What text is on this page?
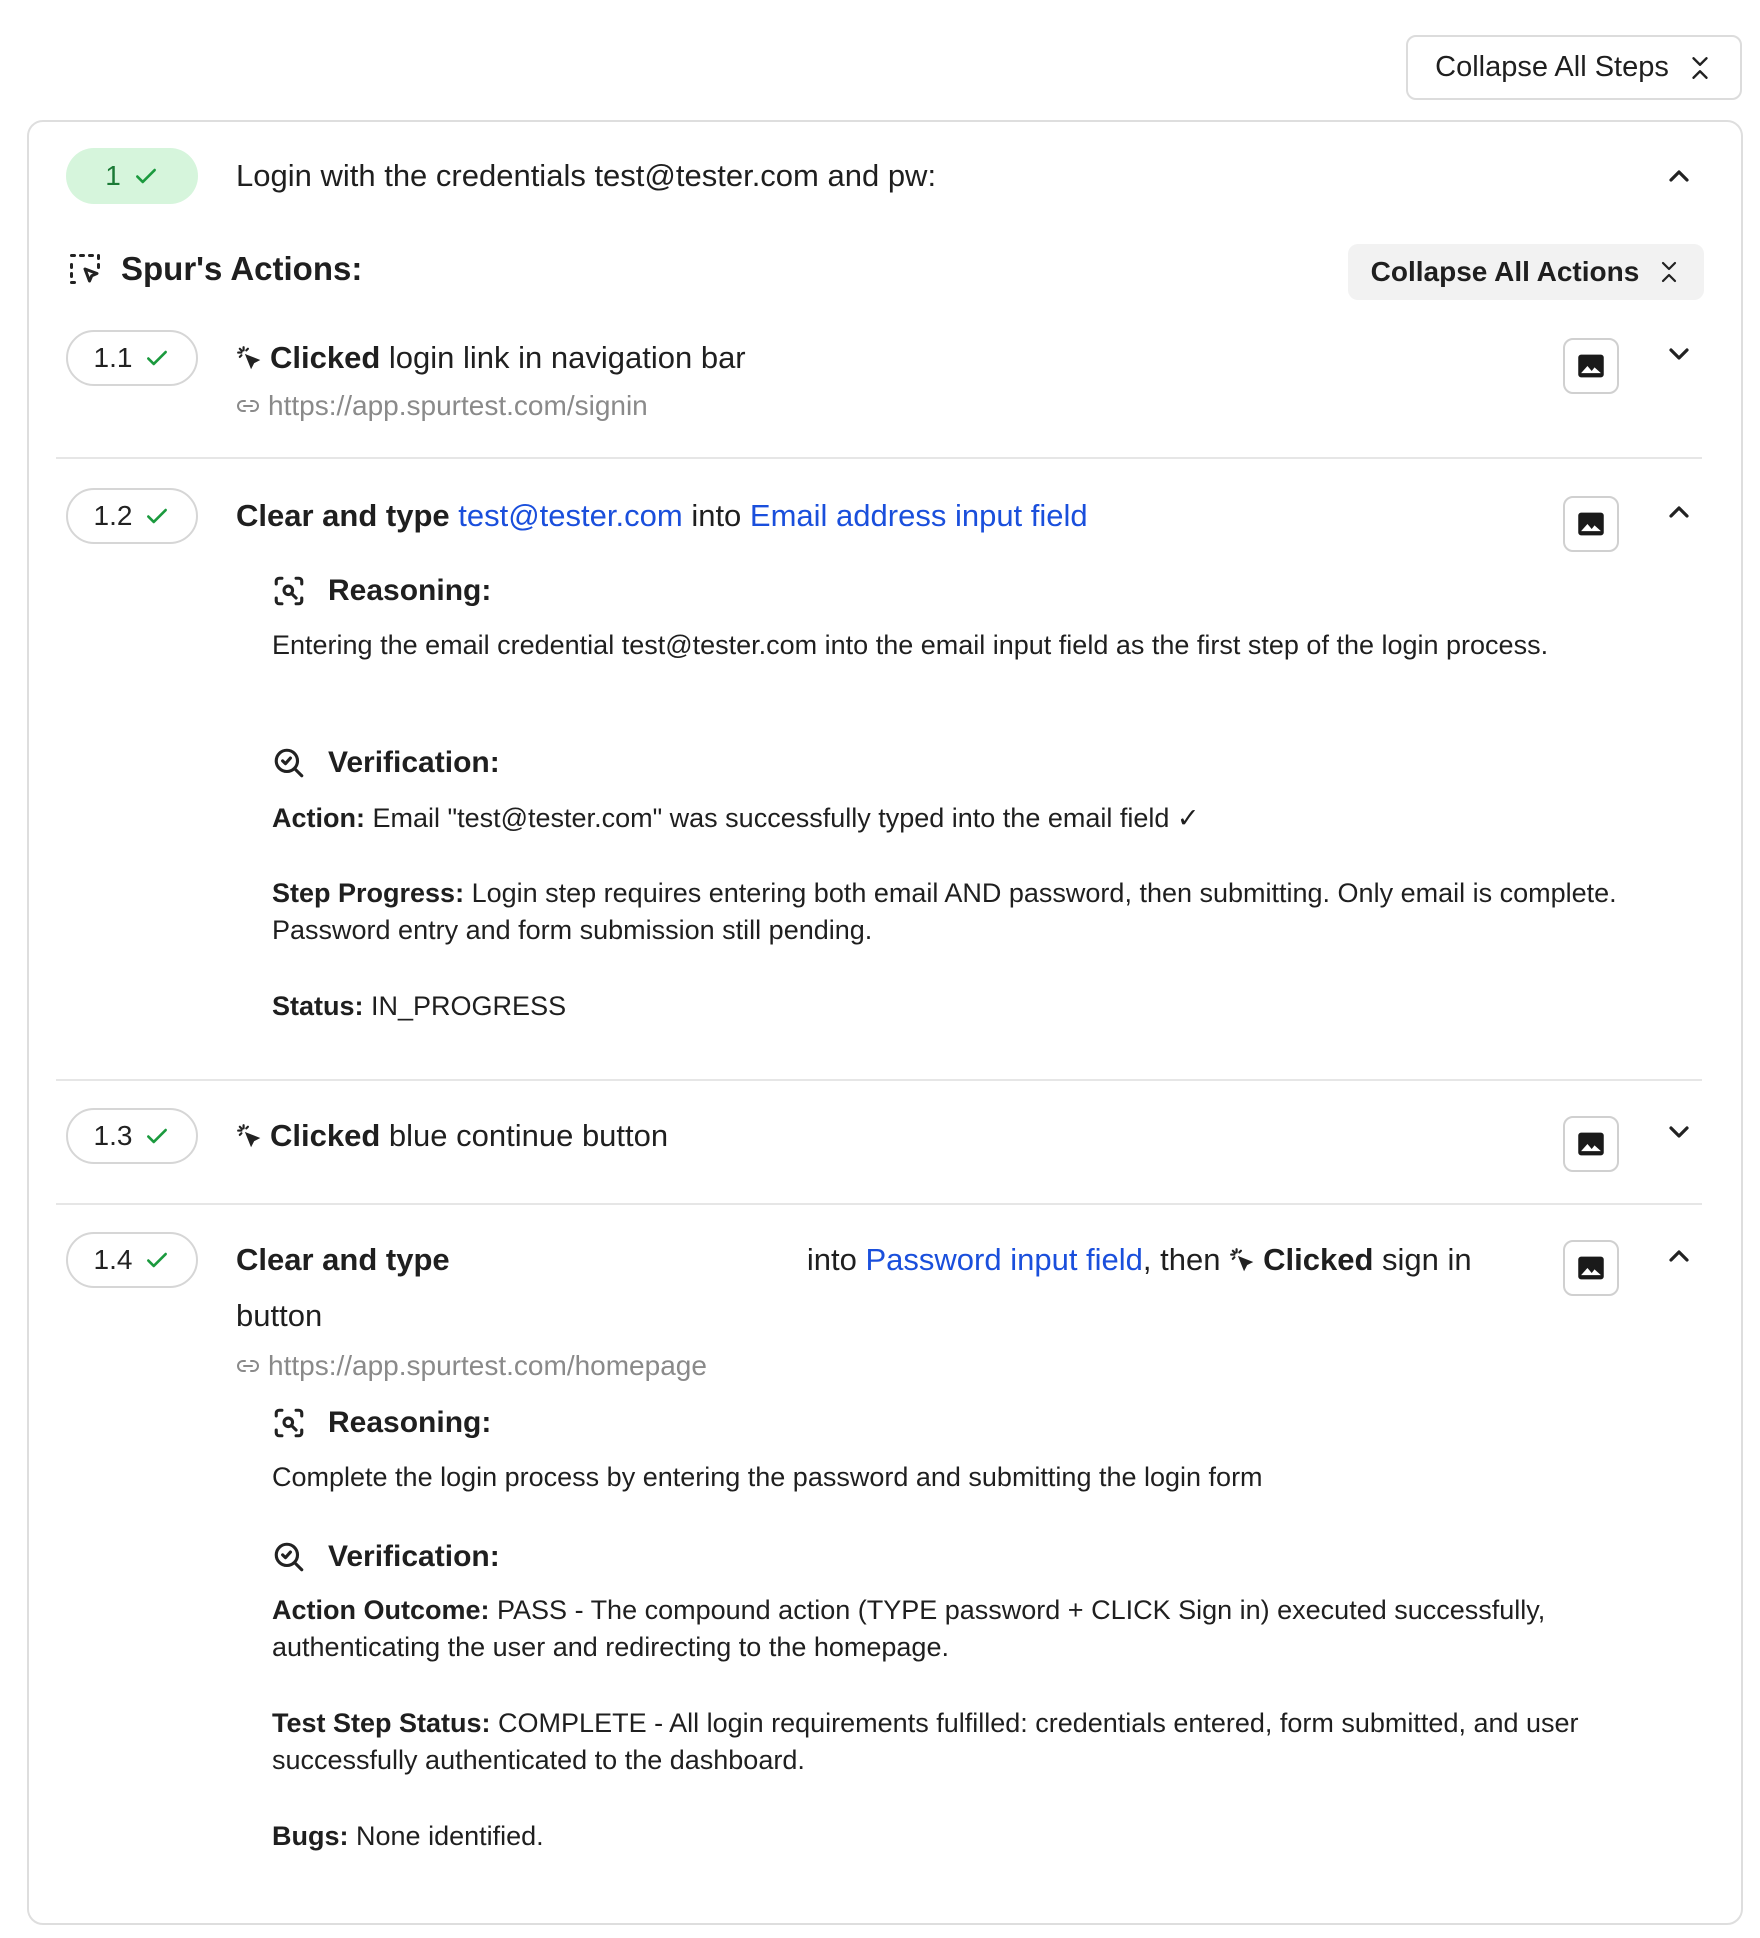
Collapse All Steps
1	Login with the credentials test@tester.com and pw:
Spur's Actions:	Collapse All Actions
1.1	Clicked login link in navigation bar
https://app.spurtest.com/signin
1.2	Clear and type test@tester.com into Email address input field
Reasoning:
Entering the email credential test@tester.com into the email input field as the first step of the login process.
Verification:
Action: Email "test@tester.com" was successfully typed into the email field ✓
Step Progress: Login step requires entering both email AND password, then submitting. Only email is complete. Password entry and form submission still pending.
Status: IN_PROGRESS
1.3	Clicked blue continue button
1.4	Clear and type	into Password input field, then Clicked sign in
button
https://app.spurtest.com/homepage
Reasoning:
Complete the login process by entering the password and submitting the login form
Verification:
Action Outcome: PASS - The compound action (TYPE password + CLICK Sign in) executed successfully, authenticating the user and redirecting to the homepage.
Test Step Status: COMPLETE - All login requirements fulfilled: credentials entered, form submitted, and user successfully authenticated to the dashboard.
Bugs: None identified.
